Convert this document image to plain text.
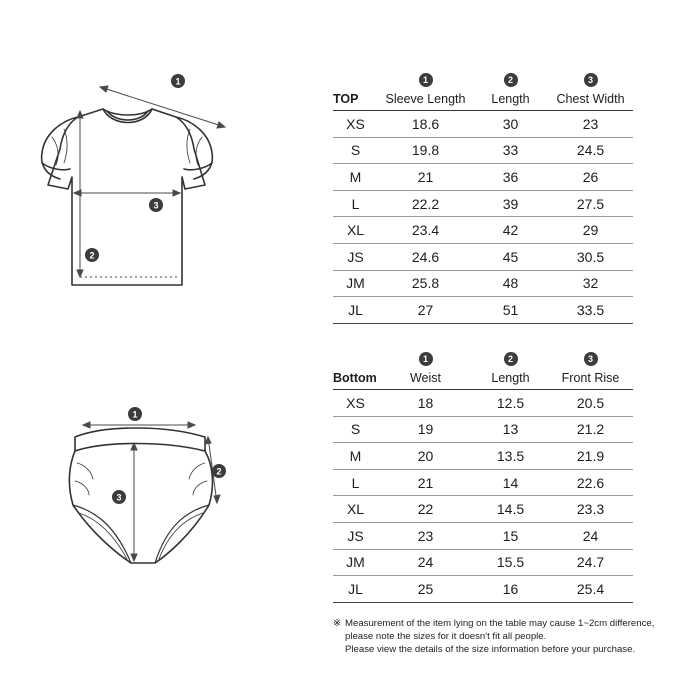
1
2
3
1
2
3
	1	2	3
TOP	Sleeve Length	Length	Chest Width
XS	18.6	30	23
S	19.8	33	24.5
M	21	36	26
L	22.2	39	27.5
XL	23.4	42	29
JS	24.6	45	30.5
JM	25.8	48	32
JL	27	51	33.5
	1	2	3
Bottom	Weist	Length	Front Rise
XS	18	12.5	20.5
S	19	13	21.2
M	20	13.5	21.9
L	21	14	22.6
XL	22	14.5	23.3
JS	23	15	24
JM	24	15.5	24.7
JL	25	16	25.4
※ Measurement of the item lying on the table may cause 1~2cm difference,
please note the sizes for it doesn't fit all people.
Please view the details of the size information before your purchase.
